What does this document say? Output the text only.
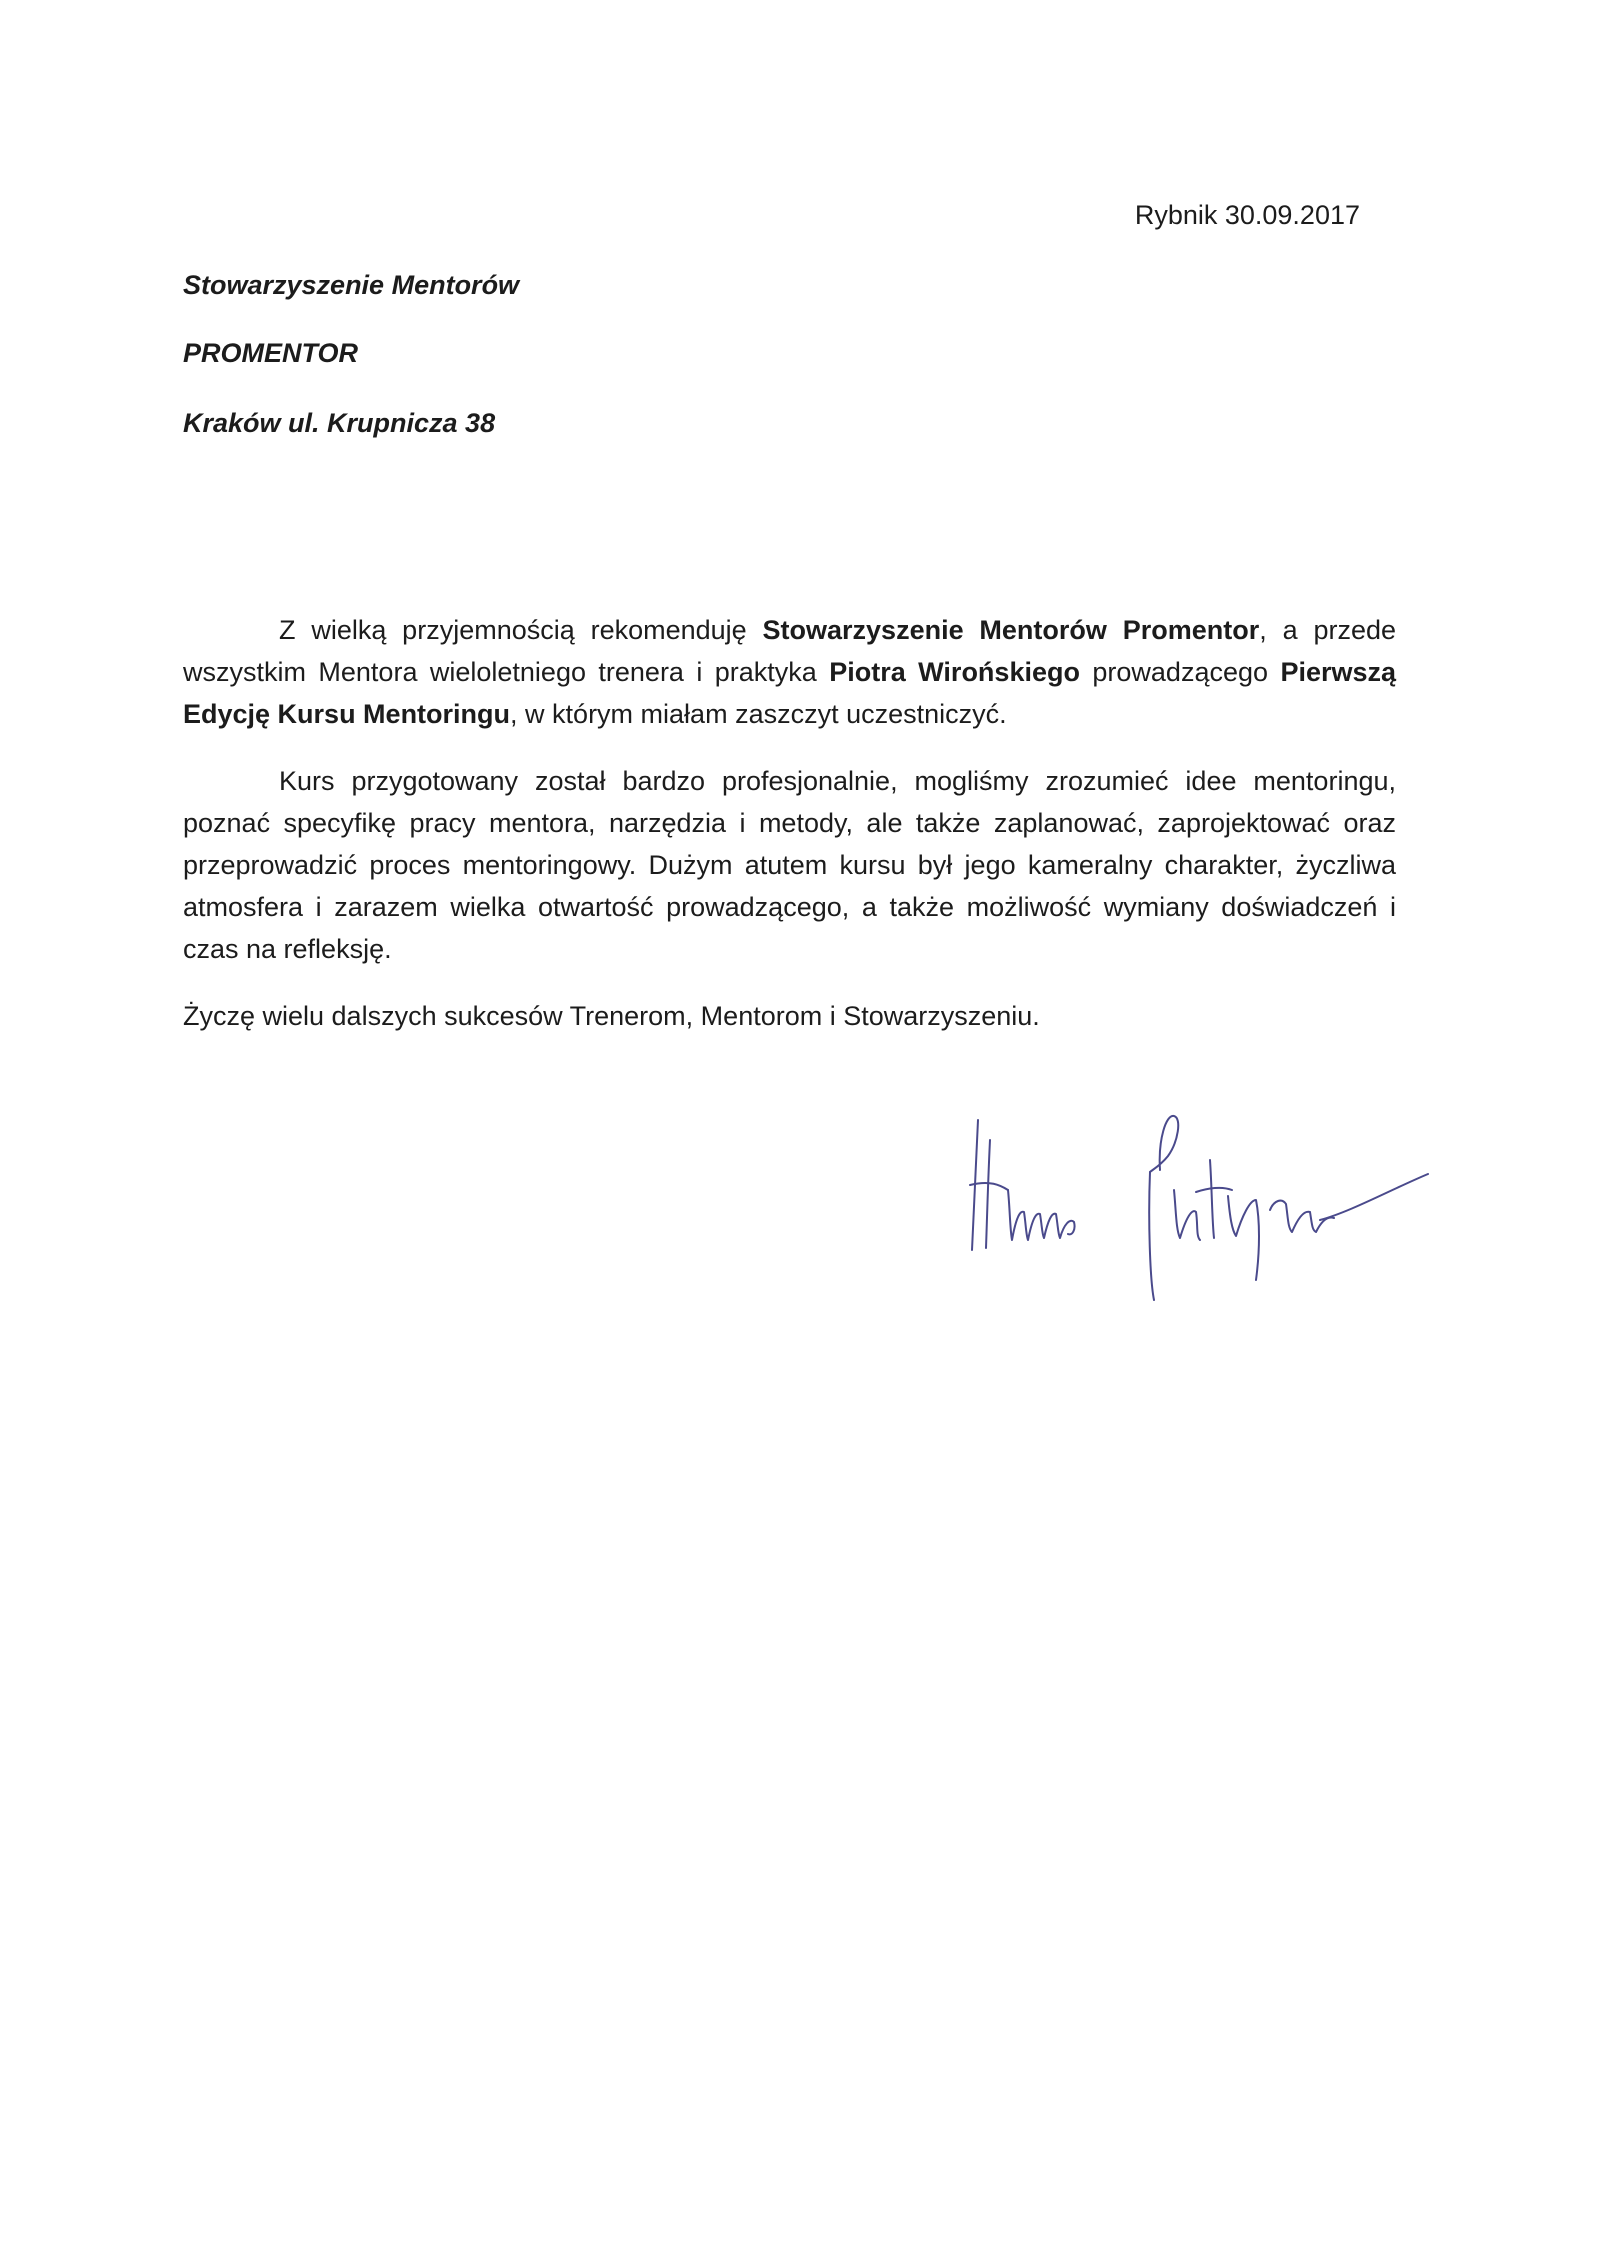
Rybnik 30.09.2017
Stowarzyszenie Mentorów
PROMENTOR
Kraków ul. Krupnicza 38
Z wielką przyjemnością rekomenduję Stowarzyszenie Mentorów Promentor, a przede wszystkim Mentora wieloletniego trenera i praktyka Piotra Wirońskiego prowadzącego Pierwszą Edycję Kursu Mentoringu, w którym miałam zaszczyt uczestniczyć.
Kurs przygotowany został bardzo profesjonalnie, mogliśmy zrozumieć idee mentoringu, poznać specyfikę pracy mentora, narzędzia i metody, ale także zaplanować, zaprojektować oraz przeprowadzić proces mentoringowy. Dużym atutem kursu był jego kameralny charakter, życzliwa atmosfera i zarazem wielka otwartość prowadzącego, a także możliwość wymiany doświadczeń i czas na refleksję.
Życzę wielu dalszych sukcesów Trenerom, Mentorom i Stowarzyszeniu.
